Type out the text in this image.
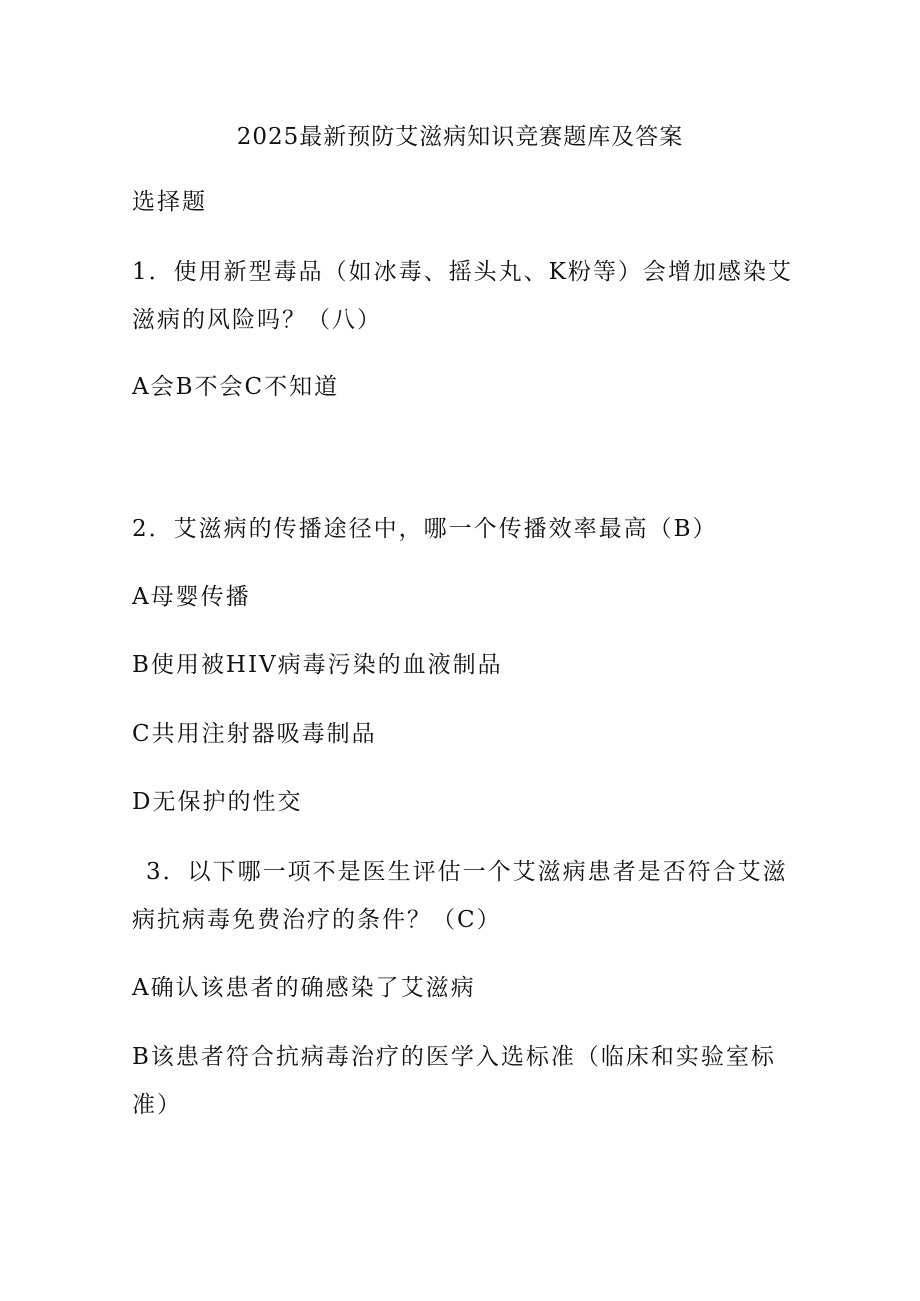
2025最新预防艾滋病知识竞赛题库及答案
选择题
1．使用新型毒品（如冰毒、摇头丸、K粉等）会增加感染艾
滋病的风险吗？（八）
A会B不会C不知道
2．艾滋病的传播途径中，哪一个传播效率最高（B）
A母婴传播
B使用被HIV病毒污染的血液制品
C共用注射器吸毒制品
D无保护的性交
3．以下哪一项不是医生评估一个艾滋病患者是否符合艾滋
病抗病毒免费治疗的条件？（C）
A确认该患者的确感染了艾滋病
B该患者符合抗病毒治疗的医学入选标准（临床和实验室标
准）
